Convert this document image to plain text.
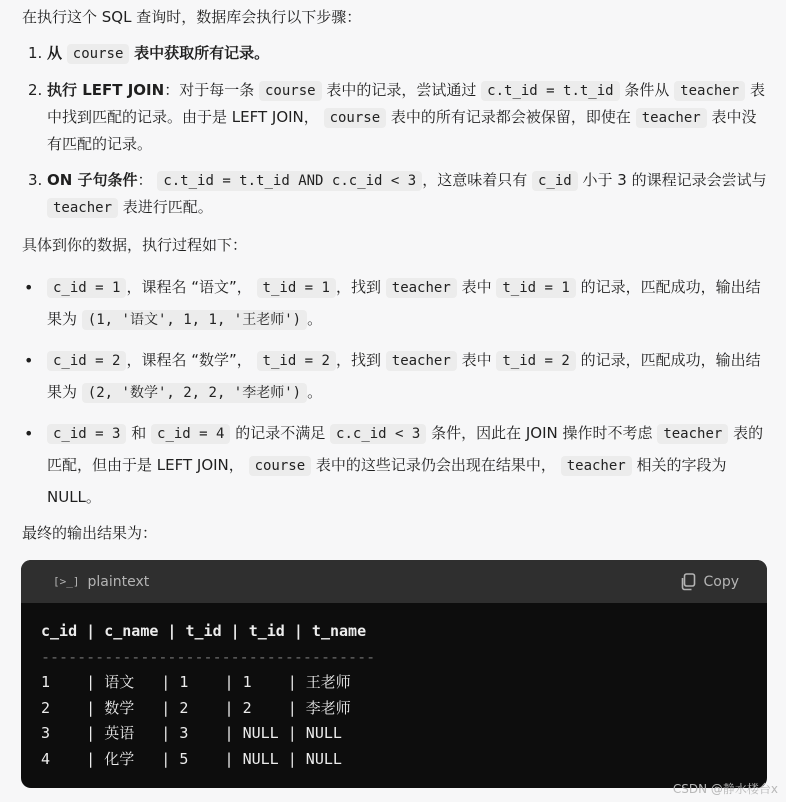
在执行这个 SQL 查询时，数据库会执行以下步骤：

1. 从 course 表中获取所有记录。
2. 执行 LEFT JOIN：对于每一条 course 表中的记录，尝试通过 c.t_id = t.t_id 条件从 teacher 表中找到匹配的记录。由于是 LEFT JOIN， course 表中的所有记录都会被保留，即使在 teacher 表中没有匹配的记录。
3. ON 子句条件： c.t_id = t.t_id AND c.c_id < 3 ，这意味着只有 c_id 小于 3 的课程记录会尝试与 teacher 表进行匹配。

具体到你的数据，执行过程如下：

• c_id = 1 ，课程名 “语文”， t_id = 1 ，找到 teacher 表中 t_id = 1 的记录，匹配成功，输出结果为 (1, '语文', 1, 1, '王老师') 。
• c_id = 2 ，课程名 “数学”， t_id = 2 ，找到 teacher 表中 t_id = 2 的记录，匹配成功，输出结果为 (2, '数学', 2, 2, '李老师') 。
• c_id = 3 和 c_id = 4 的记录不满足 c.c_id < 3 条件，因此在 JOIN 操作时不考虑 teacher 表的匹配，但由于是 LEFT JOIN， course 表中的这些记录仍会出现在结果中， teacher 相关的字段为 NULL。

最终的输出结果为：

[>_] plaintext	Copy
c_id | c_name | t_id | t_id | t_name
-------------------------------------
1    | 语文   | 1    | 1    | 王老师
2    | 数学   | 2    | 2    | 李老师
3    | 英语   | 3    | NULL | NULL
4    | 化学   | 5    | NULL | NULL
CSDN @静水楼台x
